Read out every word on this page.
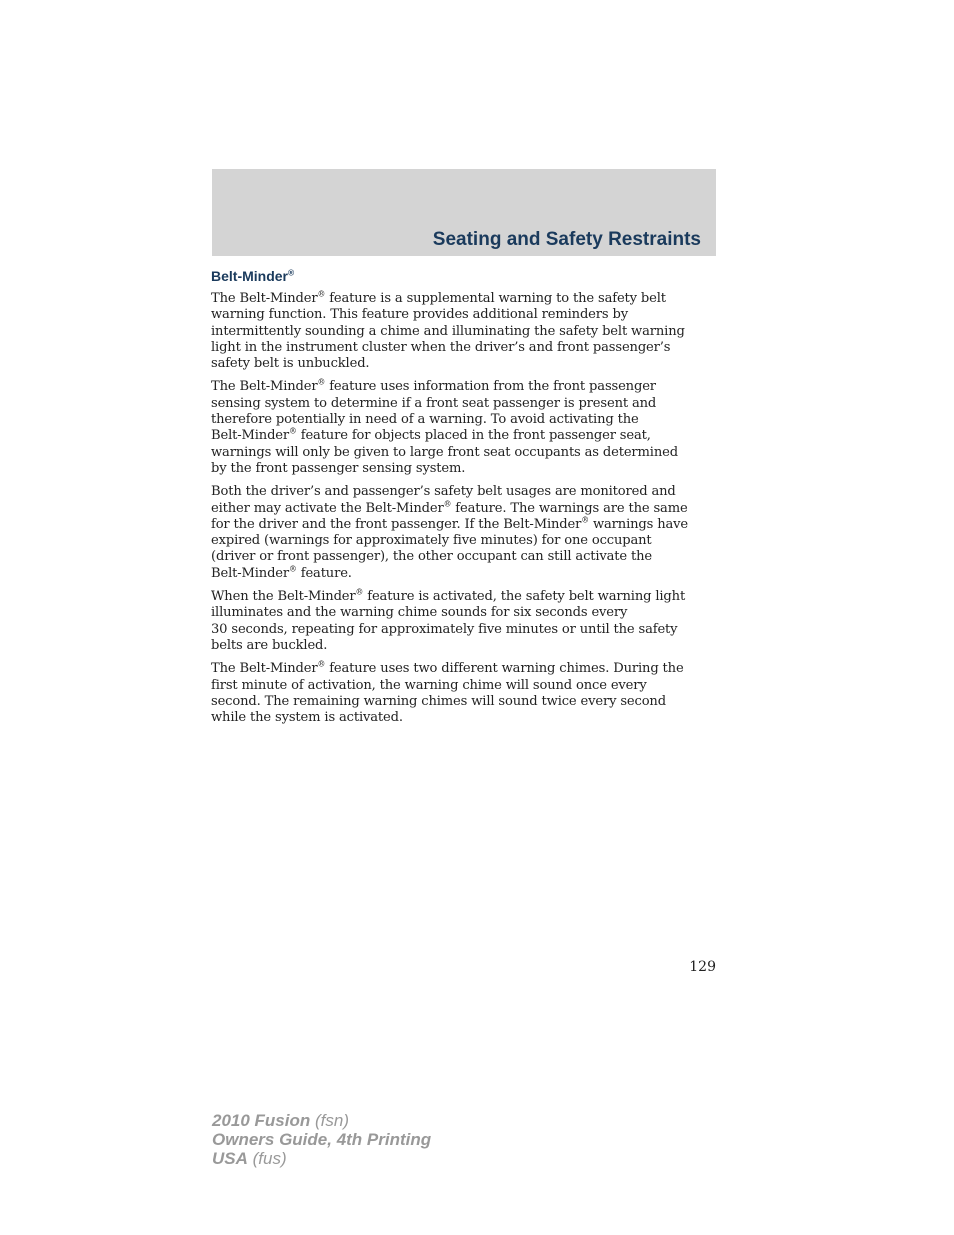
Seating and Safety Restraints
Belt-Minder®

The Belt-Minder® feature is a supplemental warning to the safety belt
warning function. This feature provides additional reminders by
intermittently sounding a chime and illuminating the safety belt warning
light in the instrument cluster when the driver’s and front passenger’s
safety belt is unbuckled.

The Belt-Minder® feature uses information from the front passenger
sensing system to determine if a front seat passenger is present and
therefore potentially in need of a warning. To avoid activating the
Belt-Minder® feature for objects placed in the front passenger seat,
warnings will only be given to large front seat occupants as determined
by the front passenger sensing system.

Both the driver’s and passenger’s safety belt usages are monitored and
either may activate the Belt-Minder® feature. The warnings are the same
for the driver and the front passenger. If the Belt-Minder® warnings have
expired (warnings for approximately five minutes) for one occupant
(driver or front passenger), the other occupant can still activate the
Belt-Minder® feature.

When the Belt-Minder® feature is activated, the safety belt warning light
illuminates and the warning chime sounds for six seconds every
30 seconds, repeating for approximately five minutes or until the safety
belts are buckled.

The Belt-Minder® feature uses two different warning chimes. During the
first minute of activation, the warning chime will sound once every
second. The remaining warning chimes will sound twice every second
while the system is activated.

129

2010 Fusion (fsn)
Owners Guide, 4th Printing
USA (fus)
